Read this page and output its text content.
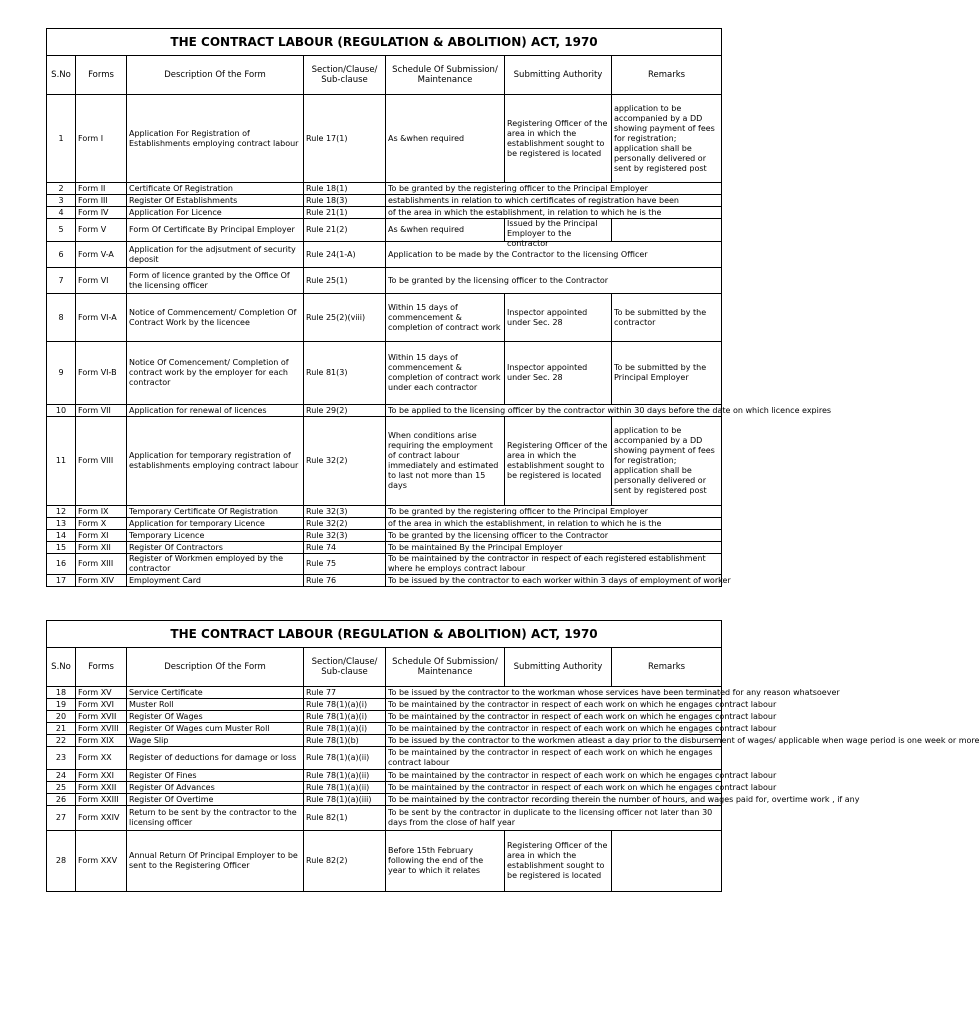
THE CONTRACT LABOUR (REGULATION & ABOLITION) ACT, 1970						
S.No	Forms	Description Of the Form	Section/Clause/ Sub-clause	Schedule Of Submission/ Maintenance	Submitting Authority	Remarks

1	Form I	Application For Registration of Establishments employing contract labour	Rule 17(1)	As &when required	Registering Officer of the area in which the establishment sought to be registered is located	application to be accompanied by a DD showing payment of fees for registration; application shall be personally delivered or sent by registered post

2	Form II	Certificate Of Registration	Rule 18(1)	To be granted by the registering officer to the Principal Employer		

3	Form III	Register Of Establishments	Rule 18(3)	establishments in relation to which certificates of registration have been		

4	Form IV	Application For Licence	Rule 21(1)	of the area in which the establishment, in relation to which he is the		

5	Form V	Form Of Certificate By Principal Employer	Rule 21(2)	As &when required	Issued by the Principal Employer to the contractor	

6	Form V-A	Application for the adjsutment of security deposit	Rule 24(1-A)	Application to be made by the Contractor to the licensing Officer		

7	Form VI	Form of licence granted by the Office Of the licensing officer	Rule 25(1)	To be granted by the licensing officer to the Contractor		

8	Form VI-A	Notice of Commencement/ Completion Of Contract Work by the licencee	Rule 25(2)(viii)	Within 15 days of commencement & completion of contract work	Inspector appointed under Sec. 28	To be submitted by the contractor

9	Form VI-B	Notice Of Comencement/ Completion of contract work by the employer for each contractor	Rule 81(3)	Within 15 days of commencement & completion of contract work under each contractor	Inspector appointed under Sec. 28	To be submitted by the Principal Employer

10	Form VII	Application for renewal of licences	Rule 29(2)	To be applied to the licensing officer by the contractor within 30 days before the date on which licence expires		

11	Form VIII	Application for temporary registration of establishments employing contract labour	Rule 32(2)	When conditions arise requiring the employment of contract labour immediately and estimated to last not more than 15 days	Registering Officer of the area in which the establishment sought to be registered is located	application to be accompanied by a DD showing payment of fees for registration; application shall be personally delivered or sent by registered post

12	Form IX	Temporary Certificate Of Registration	Rule 32(3)	To be granted by the registering officer to the Principal Employer		

13	Form X	Application for temporary Licence	Rule 32(2)	of the area in which the establishment, in relation to which he is the		

14	Form XI	Temporary Licence	Rule 32(3)	To be granted by the licensing officer to the Contractor		

15	Form XII	Register Of Contractors	Rule 74	To be maintained By the Principal Employer		

16	Form XIII	Register of Workmen employed by the contractor	Rule 75	To be maintained by the contractor in respect of each registered establishment where he employs contract labour		

17	Form XIV	Employment Card	Rule 76	To be issued by the contractor to each worker within 3 days of employment of worker		
THE CONTRACT LABOUR (REGULATION & ABOLITION) ACT, 1970						
S.No	Forms	Description Of the Form	Section/Clause/ Sub-clause	Schedule Of Submission/ Maintenance	Submitting Authority	Remarks

18	Form XV	Service Certificate	Rule 77	To be issued by the contractor to the workman whose services have been terminated for any reason whatsoever		

19	Form XVI	Muster Roll	Rule 78(1)(a)(i)	To be maintained by the contractor in respect of each work on which he engages contract labour		

20	Form XVII	Register Of Wages	Rule 78(1)(a)(i)	To be maintained by the contractor in respect of each work on which he engages contract labour		

21	Form XVIII	Register Of Wages cum Muster Roll	Rule 78(1)(a)(i)	To be maintained by the contractor in respect of each work on which he engages contract labour		

22	Form XIX	Wage Slip	Rule 78(1)(b)	To be issued by the contractor to the workmen atleast a day prior to the disbursement of wages/ applicable when wage period is one week or more		

23	Form XX	Register of deductions for damage or loss	Rule 78(1)(a)(ii)	To be maintained by the contractor in respect of each work on which he engages contract labour		

24	Form XXI	Register Of Fines	Rule 78(1)(a)(ii)	To be maintained by the contractor in respect of each work on which he engages contract labour		

25	Form XXII	Register Of Advances	Rule 78(1)(a)(ii)	To be maintained by the contractor in respect of each work on which he engages contract labour		

26	Form XXIII	Register Of Overtime	Rule 78(1)(a)(iii)	To be maintained by the contractor recording therein the number of hours, and wages paid for, overtime work , if any		

27	Form XXIV	Return to be sent by the contractor to the licensing officer	Rule 82(1)	To be sent by the contractor in duplicate to the licensing officer not later than 30 days from the close of half year		

28	Form XXV	Annual Return Of Principal Employer to be sent to the Registering Officer	Rule 82(2)	Before 15th February following the end of the year to which it relates	Registering Officer of the area in which the establishment sought to be registered is located	
